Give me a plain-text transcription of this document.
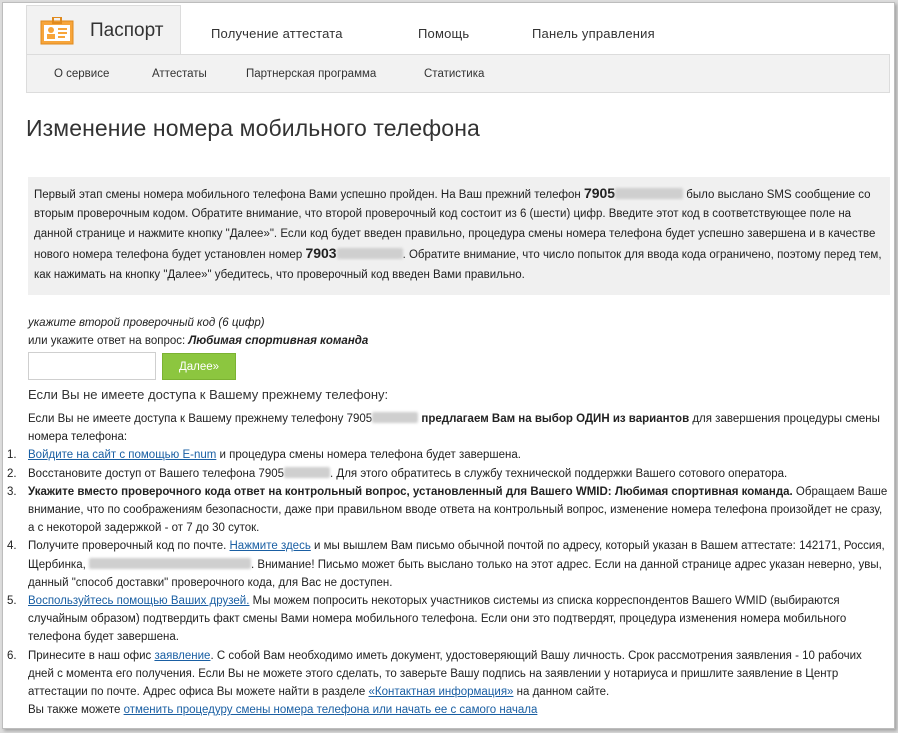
Паспорт	Получение аттестата	Помощь	Панель управления
О сервисе	Аттестаты	Партнерская программа	Статистика
Изменение номера мобильного телефона
Первый этап смены номера мобильного телефона Вами успешно пройден. На Ваш прежний телефон 7905	было выслано SMS сообщение со вторым проверочным кодом. Обратите внимание, что второй проверочный код состоит из 6 (шести) цифр. Введите этот код в соответствующее поле на данной странице и нажмите кнопку "Далее»". Если код будет введен правильно, процедура смены номера телефона будет успешно завершена и в качестве нового номера телефона будет установлен номер 7903	. Обратите внимание, что число попыток для ввода кода ограничено, поэтому перед тем, как нажимать на кнопку "Далее»" убедитесь, что проверочный код введен Вами правильно.
укажите второй проверочный код (6 цифр)
или укажите ответ на вопрос: Любимая спортивная команда
Далее»
Если Вы не имеете доступа к Вашему прежнему телефону:

Если Вы не имеете доступа к Вашему прежнему телефону 7905	предлагаем Вам на выбор ОДИН из вариантов для завершения процедуры смены номера телефона:

1. Войдите на сайт с помощью E-num и процедура смены номера телефона будет завершена.
2. Восстановите доступ от Вашего телефона 7905	. Для этого обратитесь в службу технической поддержки Вашего сотового оператора.
3. Укажите вместо проверочного кода ответ на контрольный вопрос, установленный для Вашего WMID: Любимая спортивная команда. Обращаем Ваше внимание, что по соображениям безопасности, даже при правильном вводе ответа на контрольный вопрос, изменение номера телефона произойдет не сразу, а с некоторой задержкой - от 7 до 30 суток.
4. Получите проверочный код по почте. Нажмите здесь и мы вышлем Вам письмо обычной почтой по адресу, который указан в Вашем аттестате: 142171, Россия, Щербинка,	. Внимание! Письмо может быть выслано только на этот адрес. Если на данной странице адрес указан неверно, увы, данный "способ доставки" проверочного кода, для Вас не доступен.
5. Воспользуйтесь помощью Ваших друзей. Мы можем попросить некоторых участников системы из списка корреспондентов Вашего WMID (выбираются случайным образом) подтвердить факт смены Вами номера мобильного телефона. Если они это подтвердят, процедура изменения номера мобильного телефона будет завершена.
6. Принесите в наш офис заявление. С собой Вам необходимо иметь документ, удостоверяющий Вашу личность. Срок рассмотрения заявления - 10 рабочих дней с момента его получения. Если Вы не можете этого сделать, то заверьте Вашу подпись на заявлении у нотариуса и пришлите заявление в Центр аттестации по почте. Адрес офиса Вы можете найти в разделе «Контактная информация» на данном сайте.

Вы также можете отменить процедуру смены номера телефона или начать ее с самого начала
